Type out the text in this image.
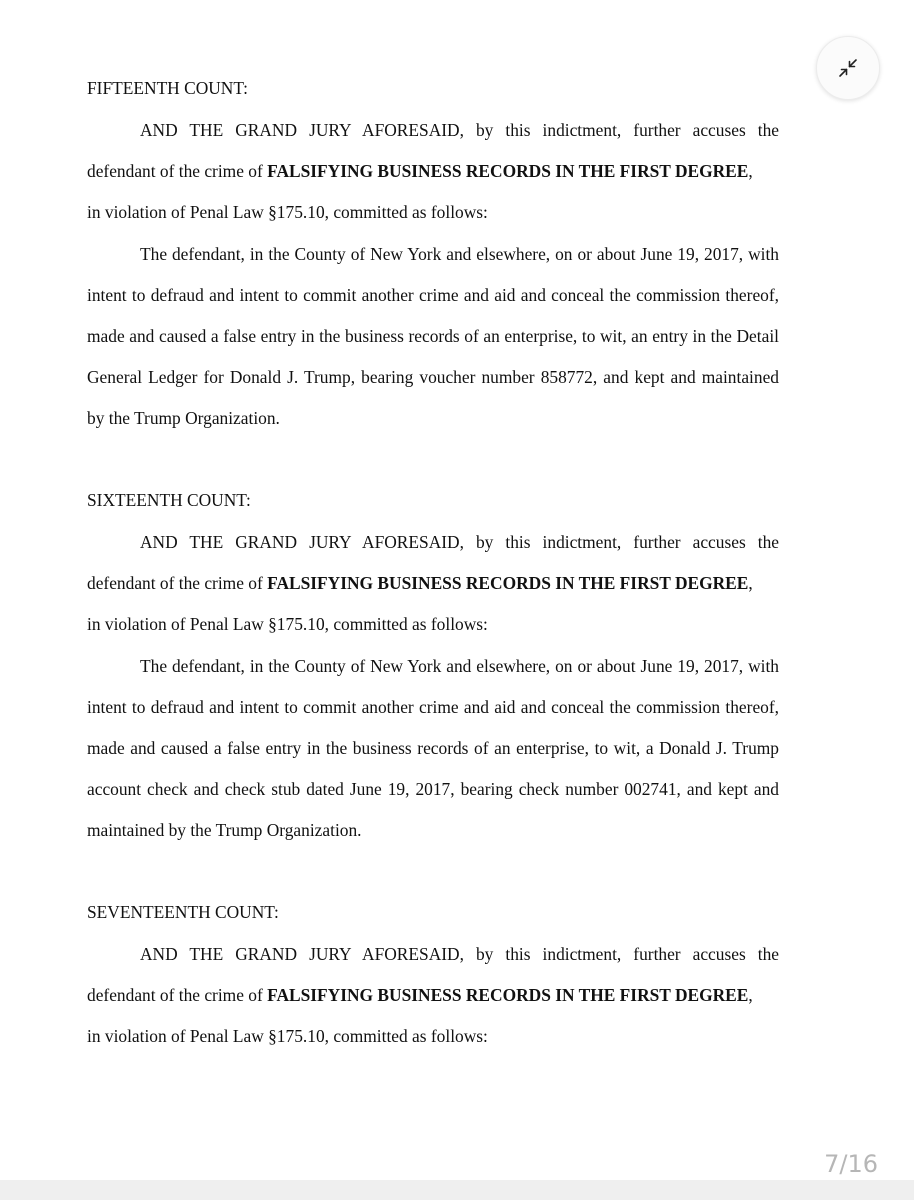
FIFTEENTH COUNT:
AND THE GRAND JURY AFORESAID, by this indictment, further accuses the
defendant of the crime of FALSIFYING BUSINESS RECORDS IN THE FIRST DEGREE,
in violation of Penal Law §175.10, committed as follows:
The defendant, in the County of New York and elsewhere, on or about June 19, 2017, with
intent to defraud and intent to commit another crime and aid and conceal the commission thereof,
made and caused a false entry in the business records of an enterprise, to wit, an entry in the Detail
General Ledger for Donald J. Trump, bearing voucher number 858772, and kept and maintained
by the Trump Organization.
SIXTEENTH COUNT:
AND THE GRAND JURY AFORESAID, by this indictment, further accuses the
defendant of the crime of FALSIFYING BUSINESS RECORDS IN THE FIRST DEGREE,
in violation of Penal Law §175.10, committed as follows:
The defendant, in the County of New York and elsewhere, on or about June 19, 2017, with
intent to defraud and intent to commit another crime and aid and conceal the commission thereof,
made and caused a false entry in the business records of an enterprise, to wit, a Donald J. Trump
account check and check stub dated June 19, 2017, bearing check number 002741, and kept and
maintained by the Trump Organization.
SEVENTEENTH COUNT:
AND THE GRAND JURY AFORESAID, by this indictment, further accuses the
defendant of the crime of FALSIFYING BUSINESS RECORDS IN THE FIRST DEGREE,
in violation of Penal Law §175.10, committed as follows:
7/16
